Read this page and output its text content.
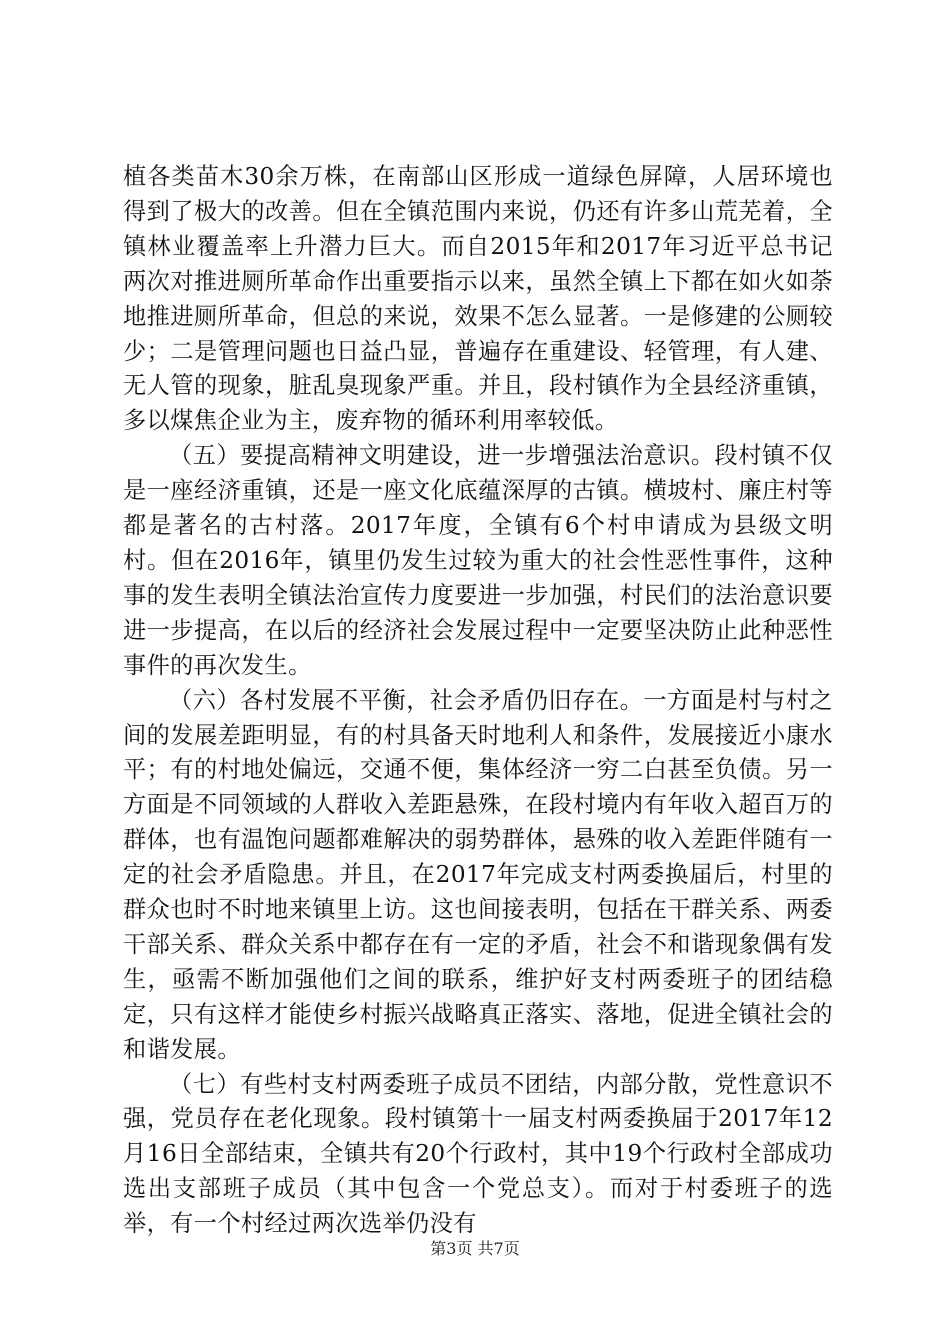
植各类苗木30余万株，在南部山区形成一道绿色屏障，人居环境也得到了极大的改善。但在全镇范围内来说，仍还有许多山荒芜着，全镇林业覆盖率上升潜力巨大。而自2015年和2017年习近平总书记两次对推进厕所革命作出重要指示以来，虽然全镇上下都在如火如荼地推进厕所革命，但总的来说，效果不怎么显著。一是修建的公厕较少；二是管理问题也日益凸显，普遍存在重建设、轻管理，有人建、无人管的现象，脏乱臭现象严重。并且，段村镇作为全县经济重镇，多以煤焦企业为主，废弃物的循环利用率较低。

（五）要提高精神文明建设，进一步增强法治意识。段村镇不仅是一座经济重镇，还是一座文化底蕴深厚的古镇。横坡村、廉庄村等都是著名的古村落。2017年度，全镇有6个村申请成为县级文明村。但在2016年，镇里仍发生过较为重大的社会性恶性事件，这种事的发生表明全镇法治宣传力度要进一步加强，村民们的法治意识要进一步提高，在以后的经济社会发展过程中一定要坚决防止此种恶性事件的再次发生。

（六）各村发展不平衡，社会矛盾仍旧存在。一方面是村与村之间的发展差距明显，有的村具备天时地利人和条件，发展接近小康水平；有的村地处偏远，交通不便，集体经济一穷二白甚至负债。另一方面是不同领域的人群收入差距悬殊，在段村境内有年收入超百万的群体，也有温饱问题都难解决的弱势群体，悬殊的收入差距伴随有一定的社会矛盾隐患。并且，在2017年完成支村两委换届后，村里的群众也时不时地来镇里上访。这也间接表明，包括在干群关系、两委干部关系、群众关系中都存在有一定的矛盾，社会不和谐现象偶有发生，亟需不断加强他们之间的联系，维护好支村两委班子的团结稳定，只有这样才能使乡村振兴战略真正落实、落地，促进全镇社会的和谐发展。

（七）有些村支村两委班子成员不团结，内部分散，党性意识不强，党员存在老化现象。段村镇第十一届支村两委换届于2017年12月16日全部结束，全镇共有20个行政村，其中19个行政村全部成功选出支部班子成员（其中包含一个党总支）。而对于村委班子的选举，有一个村经过两次选举仍没有

第3页 共7页
